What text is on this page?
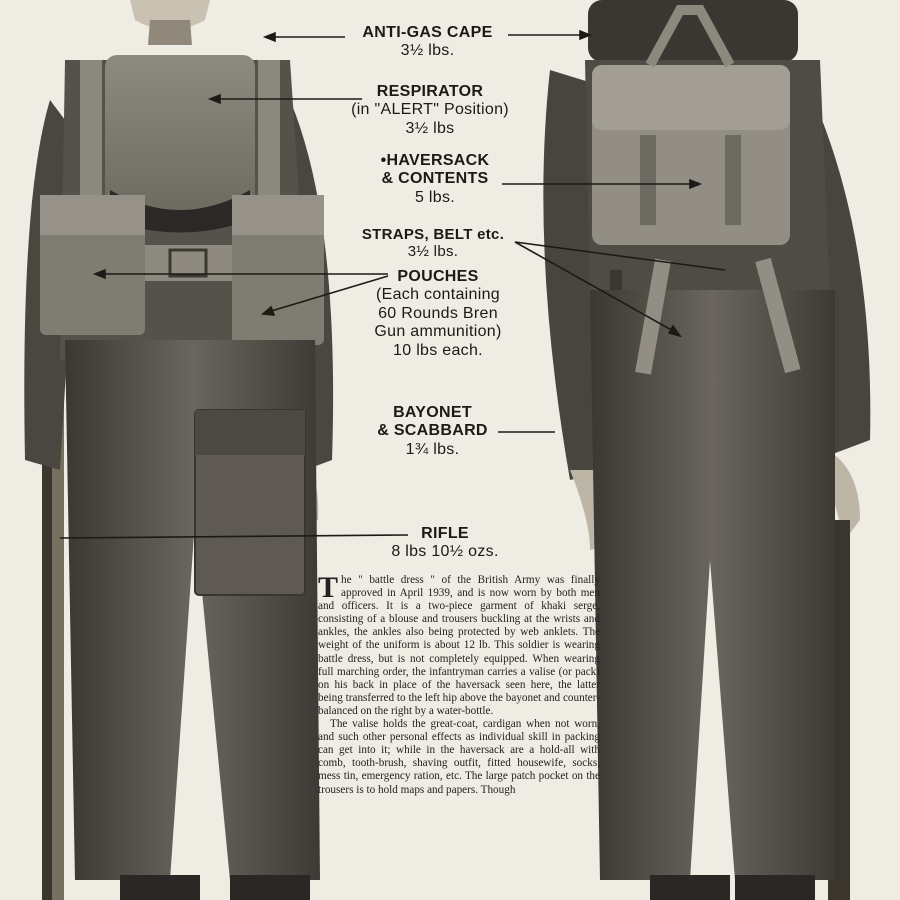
ANTI-GAS CAPE
3½ lbs.
RESPIRATOR
(in "ALERT" Position)
3½ lbs
•HAVERSACK
& CONTENTS
5 lbs.
STRAPS, BELT etc.
3½ lbs.
POUCHES
(Each containing
60 Rounds Bren
Gun ammunition)
10 lbs each.
BAYONET
& SCABBARD
1¾ lbs.
RIFLE
8 lbs 10½ ozs.

The " battle dress " of the British Army was finally approved in April 1939, and is now worn by both men and officers. It is a two-piece garment of khaki serge, consisting of a blouse and trousers buckling at the wrists and ankles, the ankles also being protected by web anklets. The weight of the uniform is about 12 lb. This soldier is wearing battle dress, but is not completely equipped. When wearing full marching order, the infantryman carries a valise (or pack) on his back in place of the haversack seen here, the latter being transferred to the left hip above the bayonet and counter-balanced on the right by a water-bottle.

The valise holds the great-coat, cardigan when not worn, and such other personal effects as individual skill in packing can get into it; while in the haversack are a hold-all with comb, tooth-brush, shaving outfit, fitted housewife, socks, mess tin, emergency ration, etc. The large patch pocket on the trousers is to hold maps and papers. Though
